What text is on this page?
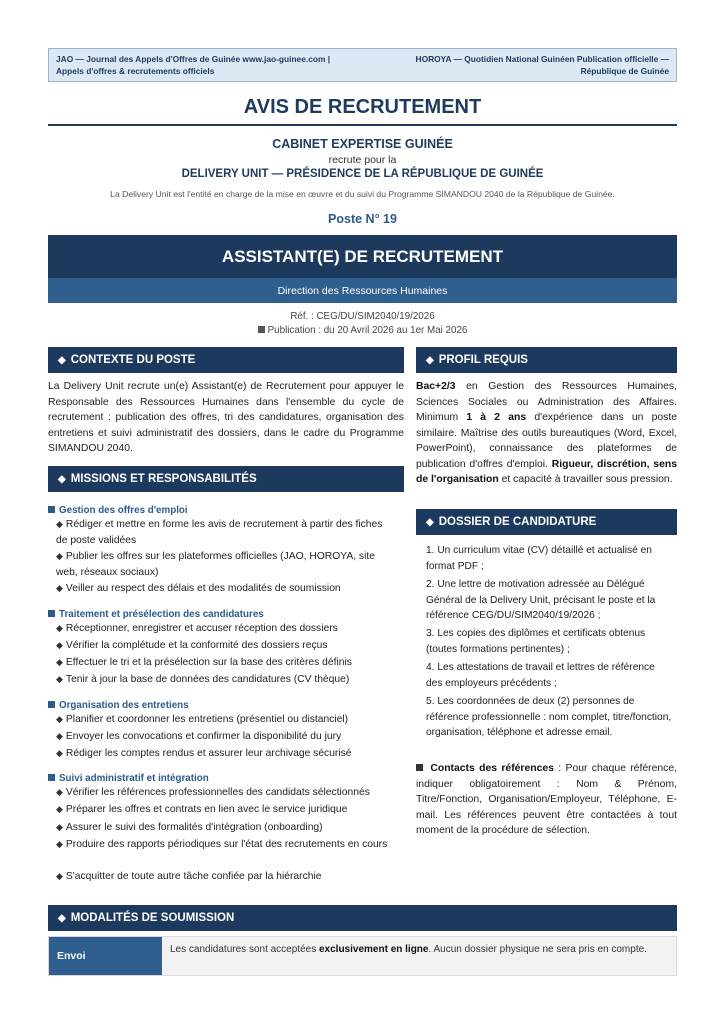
JAO — Journal des Appels d'Offres de Guinée www.jao-guinee.com |
Appels d'offres & recrutements officiels
HOROYA — Quotidien National Guinéen Publication officielle —
République de Guinée
AVIS DE RECRUTEMENT
CABINET EXPERTISE GUINÉE
recrute pour la
DELIVERY UNIT — PRÉSIDENCE DE LA RÉPUBLIQUE DE GUINÉE
La Delivery Unit est l'entité en charge de la mise en œuvre et du suivi du Programme SIMANDOU 2040 de la République de Guinée.
Poste N° 19
ASSISTANT(E) DE RECRUTEMENT
Direction des Ressources Humaines
Réf. : CEG/DU/SIM2040/19/2026
Publication : du 20 Avril 2026 au 1er Mai 2026
◆ CONTEXTE DU POSTE
La Delivery Unit recrute un(e) Assistant(e) de Recrutement pour appuyer le Responsable des Ressources Humaines dans l'ensemble du cycle de recrutement : publication des offres, tri des candidatures, organisation des entretiens et suivi administratif des dossiers, dans le cadre du Programme SIMANDOU 2040.
◆ MISSIONS ET RESPONSABILITÉS
Gestion des offres d'emploi
◆ Rédiger et mettre en forme les avis de recrutement à partir des fiches de poste validées
◆ Publier les offres sur les plateformes officielles (JAO, HOROYA, site web, réseaux sociaux)
◆ Veiller au respect des délais et des modalités de soumission
Traitement et présélection des candidatures
◆ Réceptionner, enregistrer et accuser réception des dossiers
◆ Vérifier la complétude et la conformité des dossiers reçus
◆ Effectuer le tri et la présélection sur la base des critères définis
◆ Tenir à jour la base de données des candidatures (CV thèque)
Organisation des entretiens
◆ Planifier et coordonner les entretiens (présentiel ou distanciel)
◆ Envoyer les convocations et confirmer la disponibilité du jury
◆ Rédiger les comptes rendus et assurer leur archivage sécurisé
Suivi administratif et intégration
◆ Vérifier les références professionnelles des candidats sélectionnés
◆ Préparer les offres et contrats en lien avec le service juridique
◆ Assurer le suivi des formalités d'intégration (onboarding)
◆ Produire des rapports périodiques sur l'état des recrutements en cours
◆ S'acquitter de toute autre tâche confiée par la hiérarchie
◆ PROFIL REQUIS
Bac+2/3 en Gestion des Ressources Humaines, Sciences Sociales ou Administration des Affaires. Minimum 1 à 2 ans d'expérience dans un poste similaire. Maîtrise des outils bureautiques (Word, Excel, PowerPoint), connaissance des plateformes de publication d'offres d'emploi. Rigueur, discrétion, sens de l'organisation et capacité à travailler sous pression.
◆ DOSSIER DE CANDIDATURE
1. Un curriculum vitae (CV) détaillé et actualisé en format PDF ;
2. Une lettre de motivation adressée au Délégué Général de la Delivery Unit, précisant le poste et la référence CEG/DU/SIM2040/19/2026 ;
3. Les copies des diplômes et certificats obtenus (toutes formations pertinentes) ;
4. Les attestations de travail et lettres de référence des employeurs précédents ;
5. Les coordonnées de deux (2) personnes de référence professionnelle : nom complet, titre/fonction, organisation, téléphone et adresse email.
Contacts des références : Pour chaque référence, indiquer obligatoirement : Nom & Prénom, Titre/Fonction, Organisation/Employeur, Téléphone, E-mail. Les références peuvent être contactées à tout moment de la procédure de sélection.
◆ MODALITÉS DE SOUMISSION
Envoi
Les candidatures sont acceptées exclusivement en ligne. Aucun dossier physique ne sera pris en compte.
